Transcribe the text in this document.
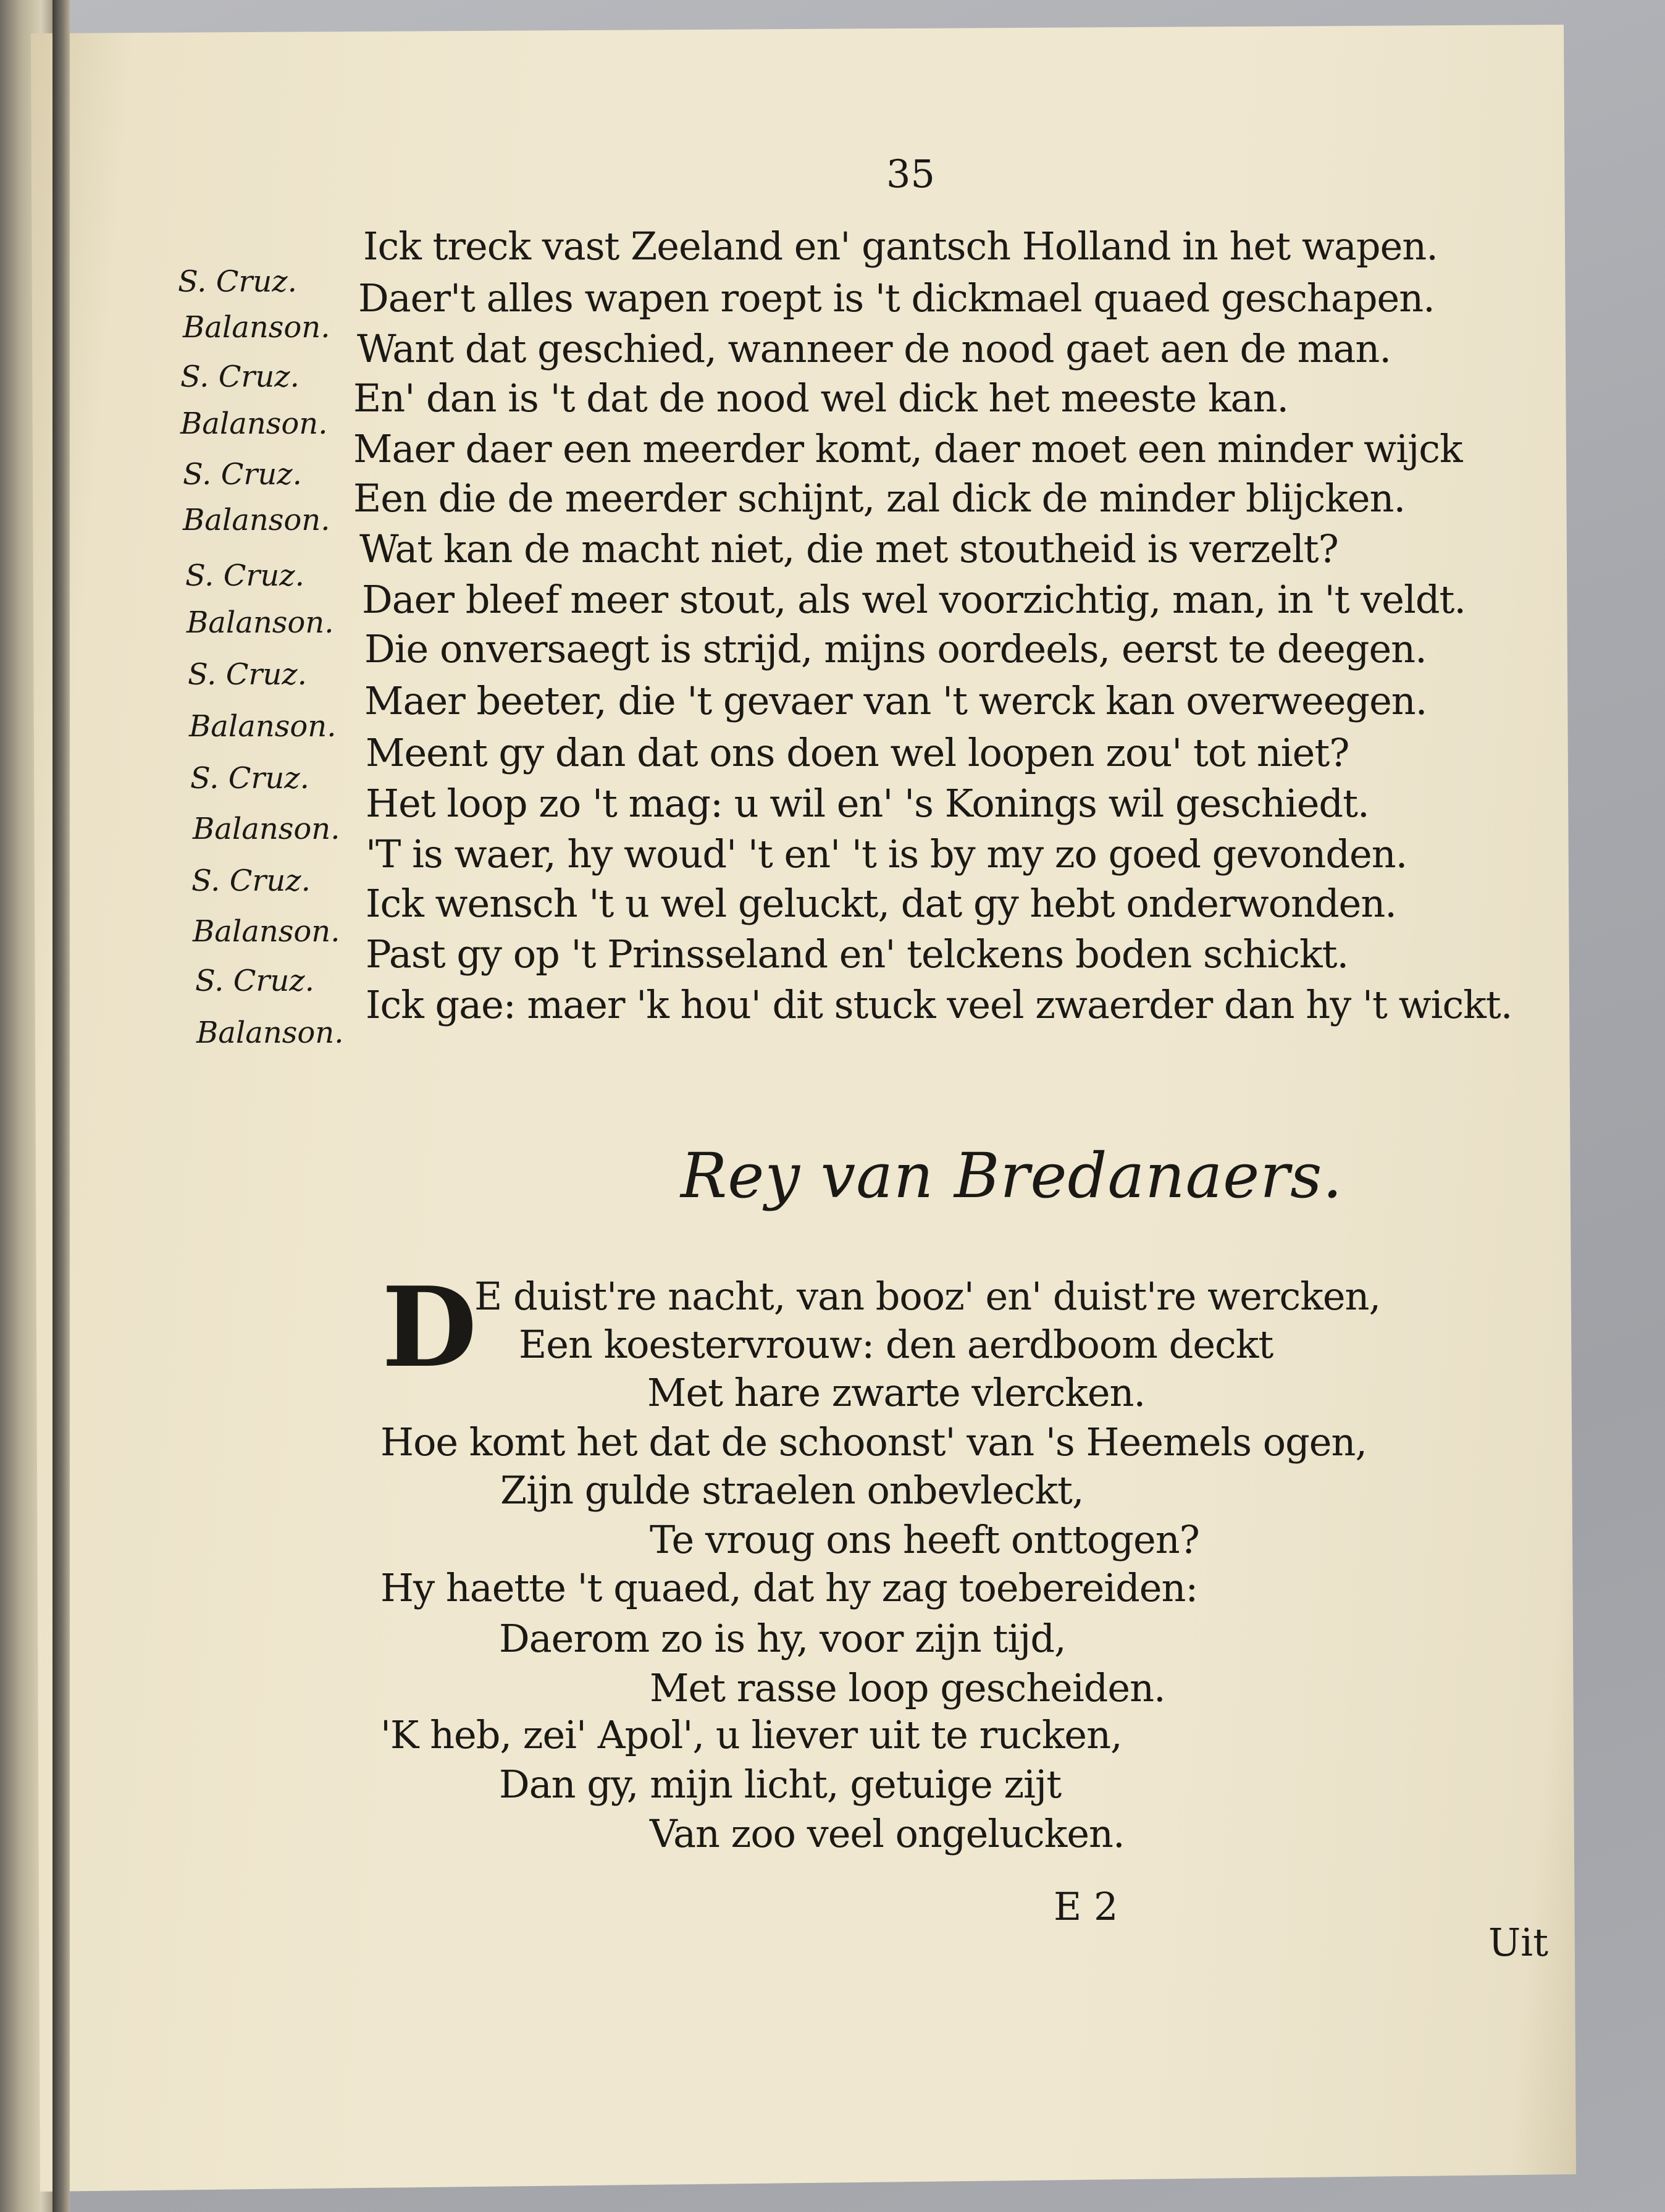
35
S. Cruz.
Ick treck vast Zeeland en' gantsch Holland in het wapen.
Balanson.
Daer't alles wapen roept is 't dickmael quaed geschapen.
S. Cruz.
Want dat geschied, wanneer de nood gaet aen de man.
Balanson.
En' dan is 't dat de nood wel dick het meeste kan.
S. Cruz.
Maer daer een meerder komt, daer moet een minder wijck
Balanson. Een die de meerder schijnt, zal dick de minder blijcken.
S. Cruz.
Wat kan de macht niet, die met stoutheid is verzelt?
Balanson.
Daer bleef meer stout, als wel voorzichtig, man, in 't veldt.
S. Cruz.
Die onversaegt is strijd, mijns oordeels, eerst te deegen.
Balanson.
Maer beeter, die 't gevaer van 't werck kan overweegen.
S. Cruz.
Meent gy dan dat ons doen wel loopen zou' tot niet?
Balanson.
Het loop zo 't mag: u wil en' 's Konings wil geschiedt.
S. Cruz.
'T is waer, hy woud' 't en' 't is by my zo goed gevonden.
Balanson.
Ick wensch 't u wel geluckt, dat gy hebt onderwonden.
S. Cruz.
Past gy op 't Prinsseland en' telckens boden schickt.
Balanson.
Ick gae: maer 'k hou' dit stuck veel zwaerder dan hy 't wickt.
Rey van Bredanaers.
D
E duist're nacht, van booz' en' duist're wercken,
Een koestervrouw: den aerdboom deckt
Met hare zwarte vlercken.
Hoe komt het dat de schoonst' van 's Heemels ogen,
Zijn gulde straelen onbevleckt,
Te vroug ons heeft onttogen?
Hy haette 't quaed, dat hy zag toebereiden:
Daerom zo is hy, voor zijn tijd,
Met rasse loop gescheiden.
'K heb, zei' Apol', u liever uit te rucken,
Dan gy, mijn licht, getuige zijt
Van zoo veel ongelucken.
E 2
Uit
